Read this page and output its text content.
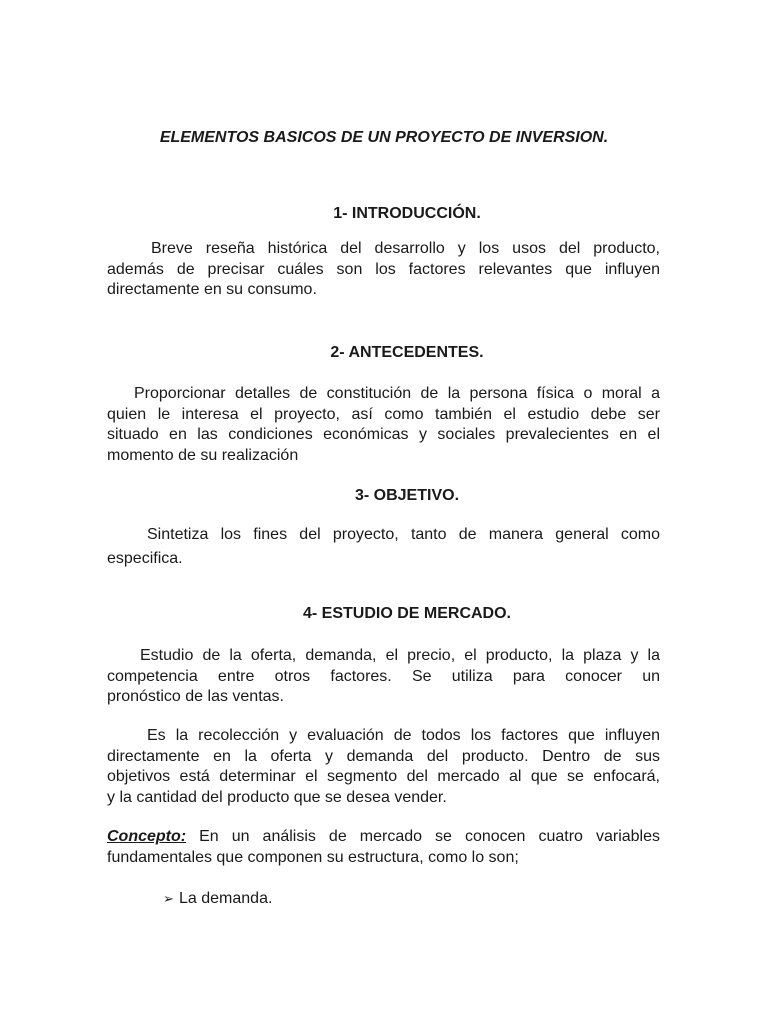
ELEMENTOS BASICOS DE UN PROYECTO DE INVERSION.

1- INTRODUCCIÓN.

Breve reseña histórica del desarrollo y los usos del producto,
además de precisar cuáles son los factores relevantes que influyen
directamente en su consumo.

2- ANTECEDENTES.

Proporcionar detalles de constitución de la persona física o moral a
quien le interesa el proyecto, así como también el estudio debe ser
situado en las condiciones económicas y sociales prevalecientes en el
momento de su realización

3- OBJETIVO.

Sintetiza los fines del proyecto, tanto de manera general como
especifica.

4- ESTUDIO DE MERCADO.

Estudio de la oferta, demanda, el precio, el producto, la plaza y la
competencia entre otros factores. Se utiliza para conocer un
pronóstico de las ventas.

Es la recolección y evaluación de todos los factores que influyen
directamente en la oferta y demanda del producto. Dentro de sus
objetivos está determinar el segmento del mercado al que se enfocará,
y la cantidad del producto que se desea vender.

Concepto: En un análisis de mercado se conocen cuatro variables
fundamentales que componen su estructura, como lo son;

➢ La demanda.
